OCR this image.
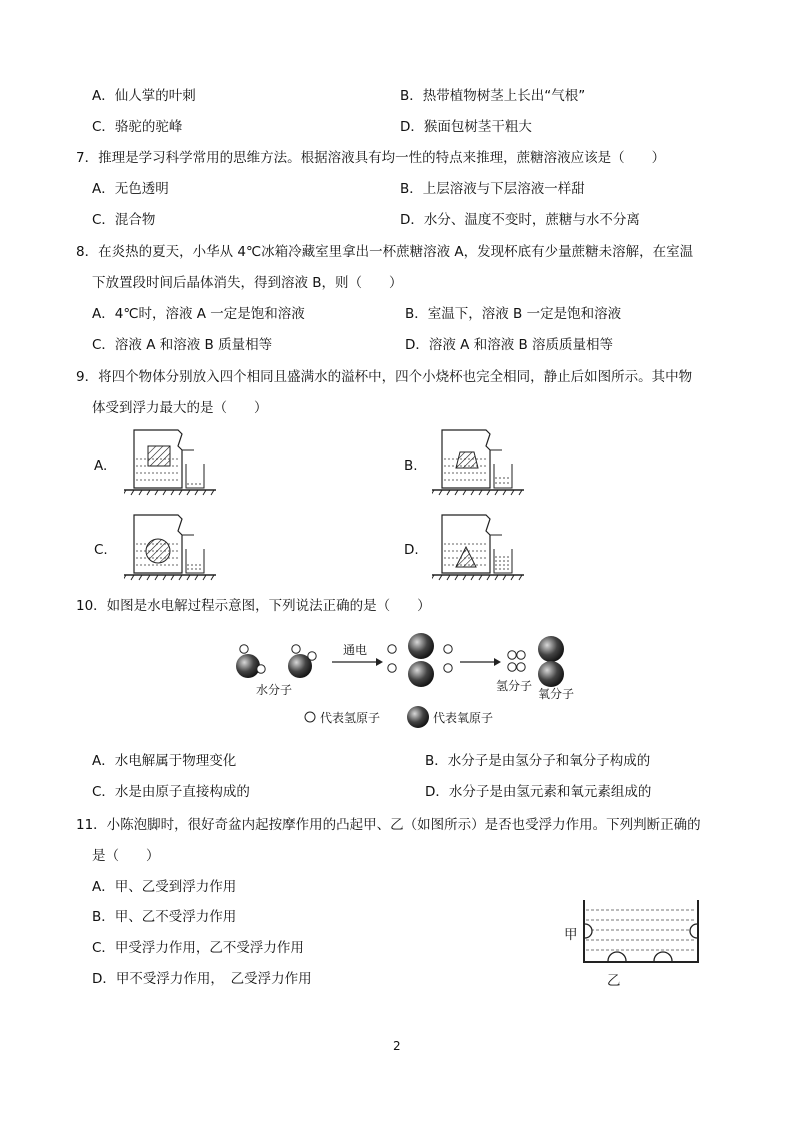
A．仙人掌的叶刺	B．热带植物树茎上长出“气根”
C．骆驼的驼峰	D．猴面包树茎干粗大
7．推理是学习科学常用的思维方法。根据溶液具有均一性的特点来推理，蔗糖溶液应该是（　　）
A．无色透明	B．上层溶液与下层溶液一样甜
C．混合物	D．水分、温度不变时，蔗糖与水不分离
8．在炎热的夏天，小华从 4℃冰箱冷藏室里拿出一杯蔗糖溶液 A，发现杯底有少量蔗糖未溶解，在室温
下放置段时间后晶体消失，得到溶液 B，则（　　）
A．4℃时，溶液 A 一定是饱和溶液	B．室温下，溶液 B 一定是饱和溶液
C．溶液 A 和溶液 B 质量相等	D．溶液 A 和溶液 B 溶质质量相等
9．将四个物体分别放入四个相同且盛满水的溢杯中，四个小烧杯也完全相同，静止后如图所示。其中物
体受到浮力最大的是（　　）
A.	B.
C.	D.
10．如图是水电解过程示意图，下列说法正确的是（　　）
水分子
通电
氢分子
氧分子
代表氢原子	代表氧原子
A．水电解属于物理变化	B．水分子是由氢分子和氧分子构成的
C．水是由原子直接构成的	D．水分子是由氢元素和氧元素组成的
11．小陈泡脚时，很好奇盆内起按摩作用的凸起甲、乙（如图所示）是否也受浮力作用。下列判断正确的
是（　　）
A．甲、乙受到浮力作用
B．甲、乙不受浮力作用
C．甲受浮力作用，乙不受浮力作用
D．甲不受浮力作用，　乙受浮力作用
甲
乙
2
